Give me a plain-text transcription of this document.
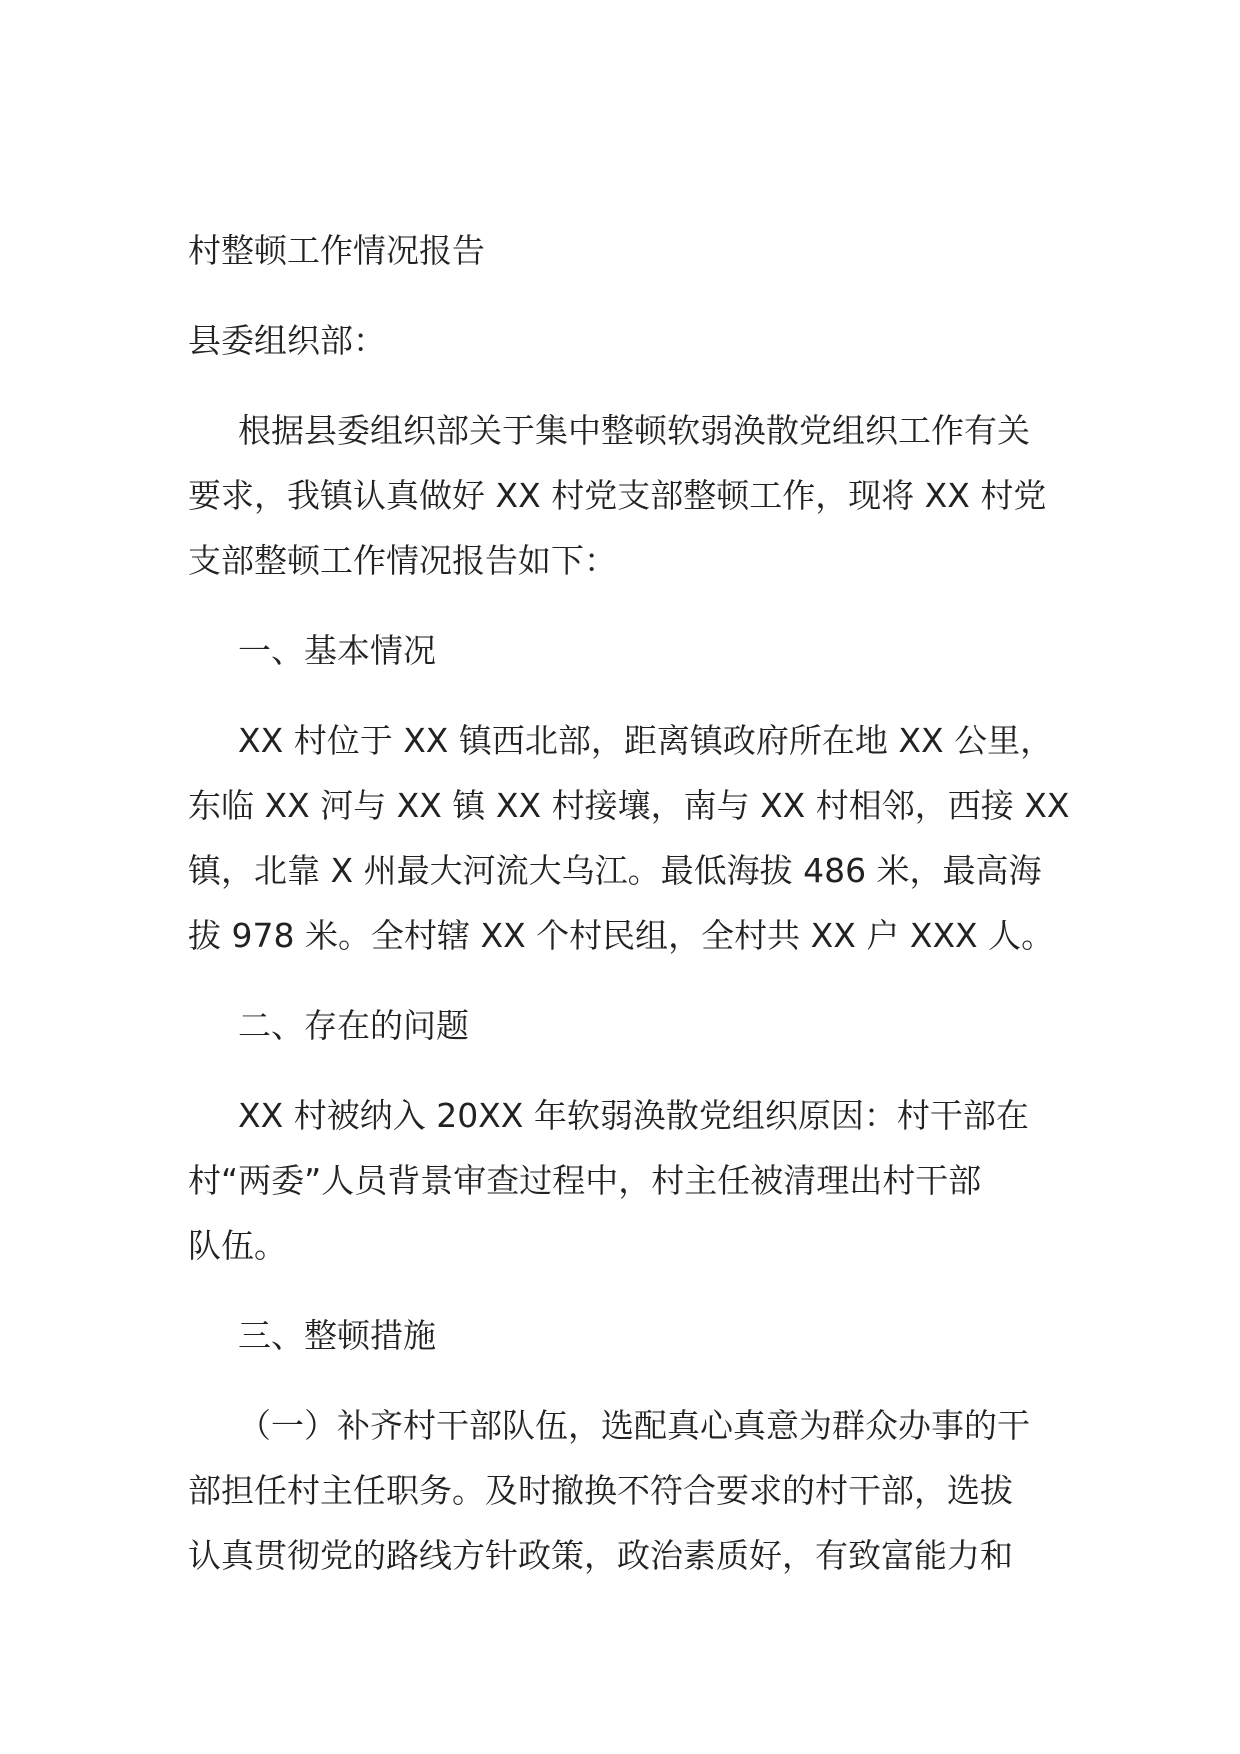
村整顿工作情况报告

县委组织部：

根据县委组织部关于集中整顿软弱涣散党组织工作有关

要求，我镇认真做好 XX 村党支部整顿工作，现将 XX 村党

支部整顿工作情况报告如下：

一、基本情况

XX 村位于 XX 镇西北部，距离镇政府所在地 XX 公里，

东临 XX 河与 XX 镇 XX 村接壤，南与 XX 村相邻，西接 XX

镇，北靠 X 州最大河流大乌江。最低海拔 486 米，最高海

拔 978 米。全村辖 XX 个村民组，全村共 XX 户 XXX 人。

二、存在的问题

XX 村被纳入 20XX 年软弱涣散党组织原因：村干部在

村“两委”人员背景审查过程中，村主任被清理出村干部

队伍。

三、整顿措施

（一）补齐村干部队伍，选配真心真意为群众办事的干

部担任村主任职务。及时撤换不符合要求的村干部，选拔

认真贯彻党的路线方针政策，政治素质好，有致富能力和
